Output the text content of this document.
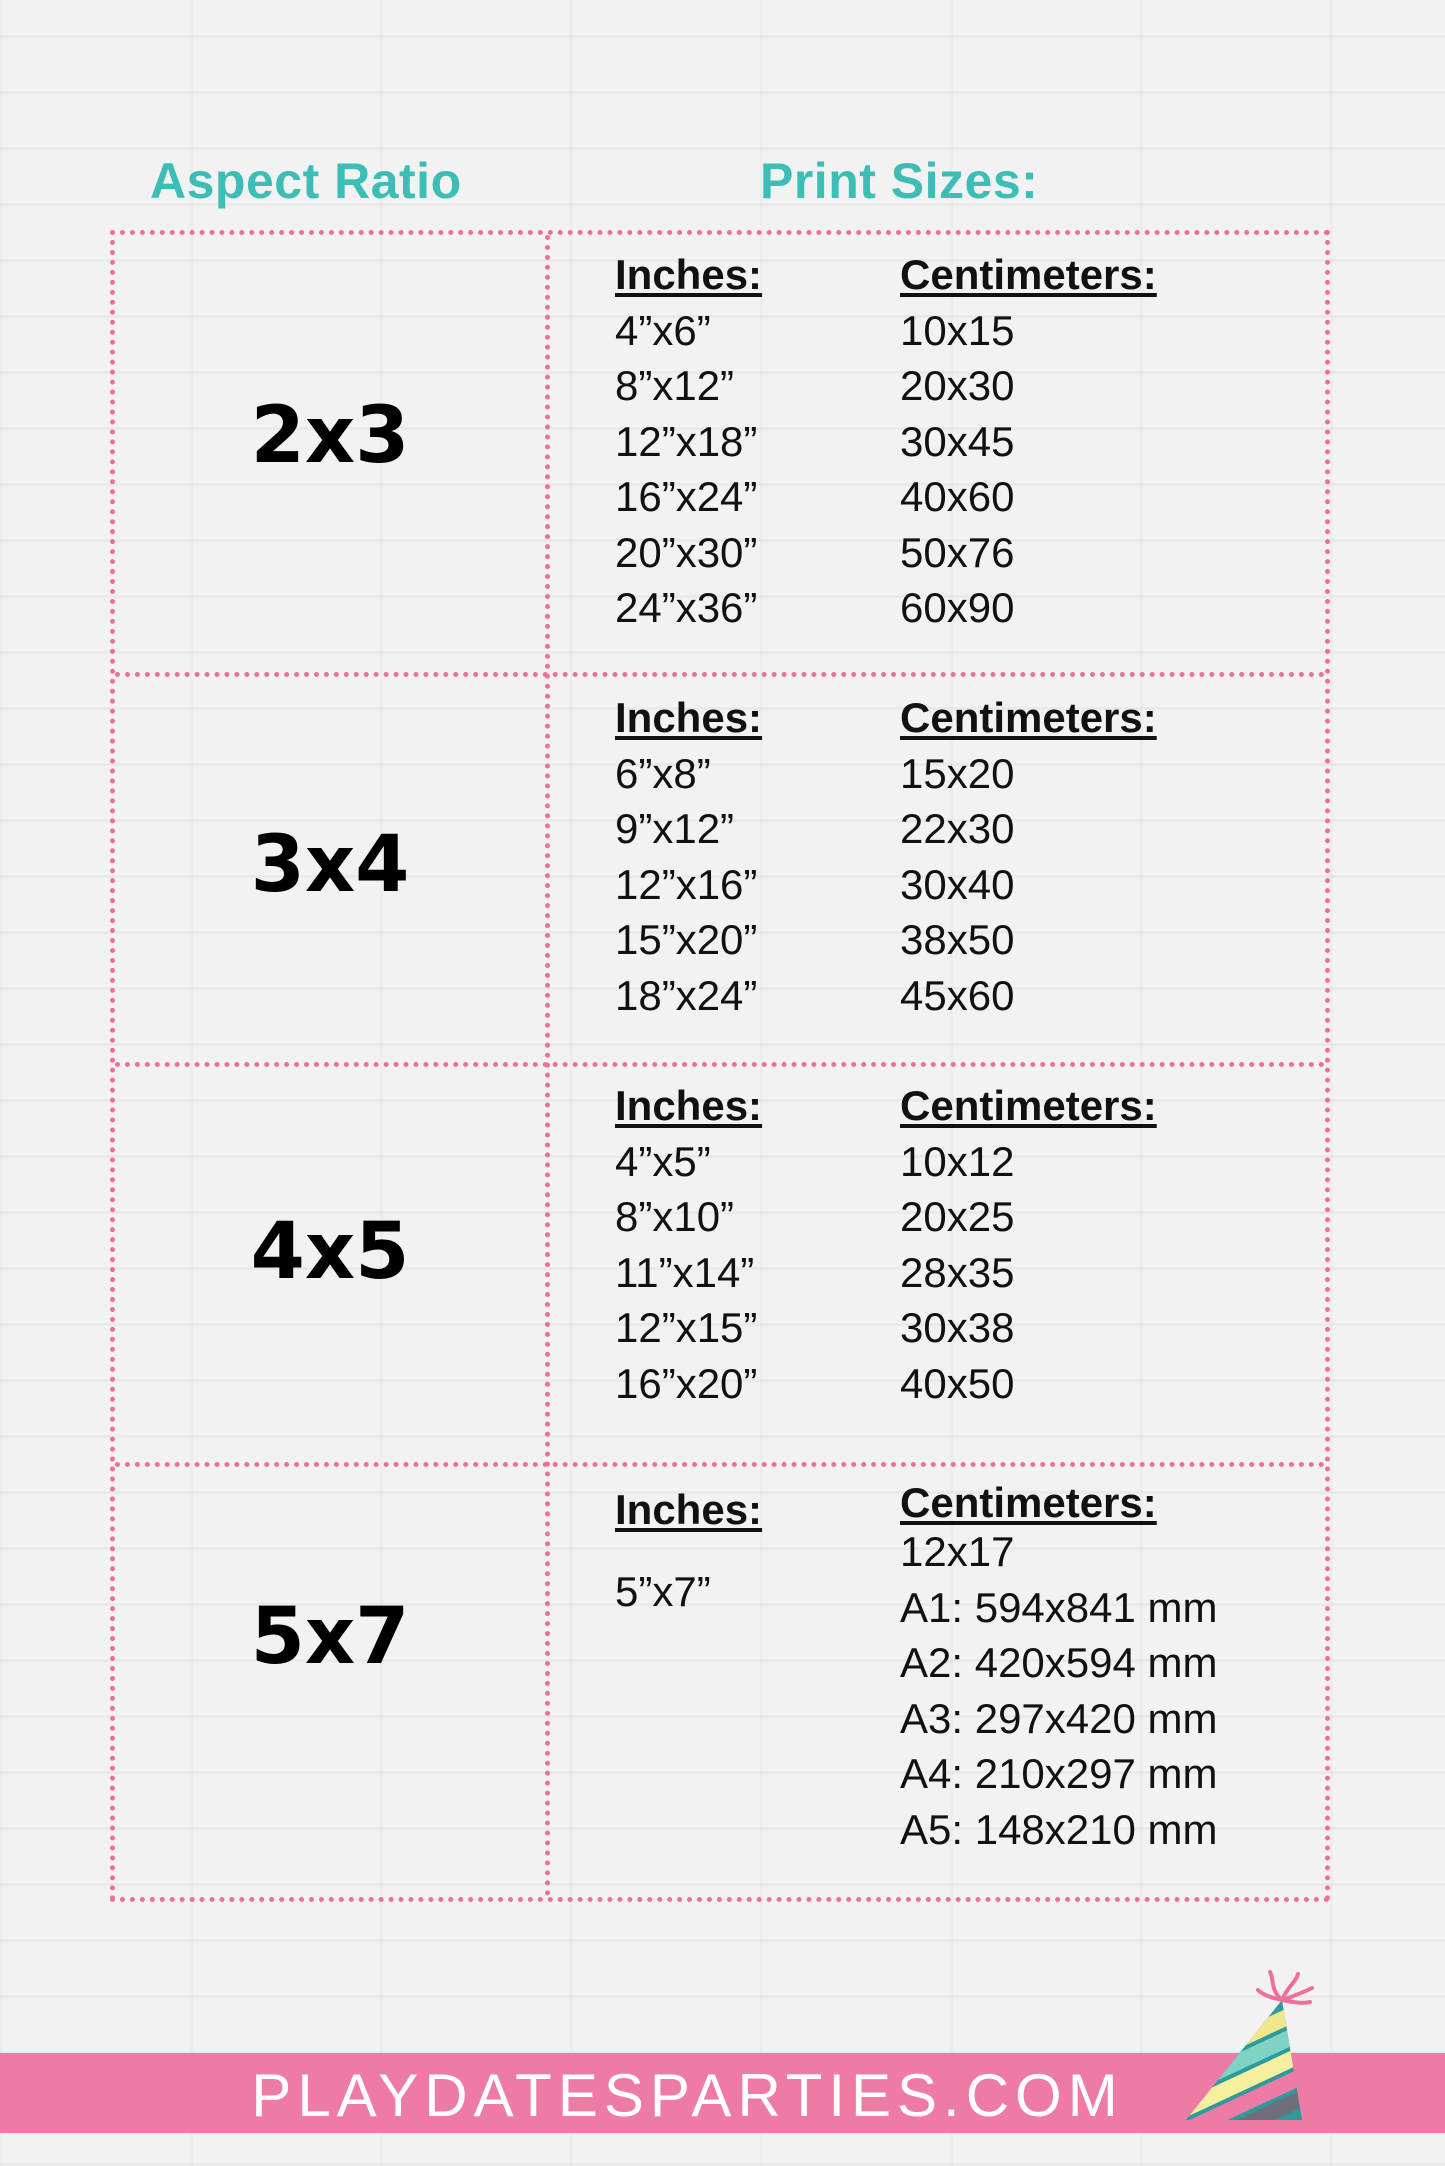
Aspect Ratio	Print Sizes:
2x3
Inches:
4”x6”
8”x12”
12”x18”
16”x24”
20”x30”
24”x36”
Centimeters:
10x15
20x30
30x45
40x60
50x76
60x90
3x4
Inches:
6”x8”
9”x12”
12”x16”
15”x20”
18”x24”
Centimeters:
15x20
22x30
30x40
38x50
45x60
4x5
Inches:
4”x5”
8”x10”
11”x14”
12”x15”
16”x20”
Centimeters:
10x12
20x25
28x35
30x38
40x50
5x7
Inches:
5”x7”
Centimeters:
12x17
A1: 594x841 mm
A2: 420x594 mm
A3: 297x420 mm
A4: 210x297 mm
A5: 148x210 mm
PLAYDATESPARTIES.COM
